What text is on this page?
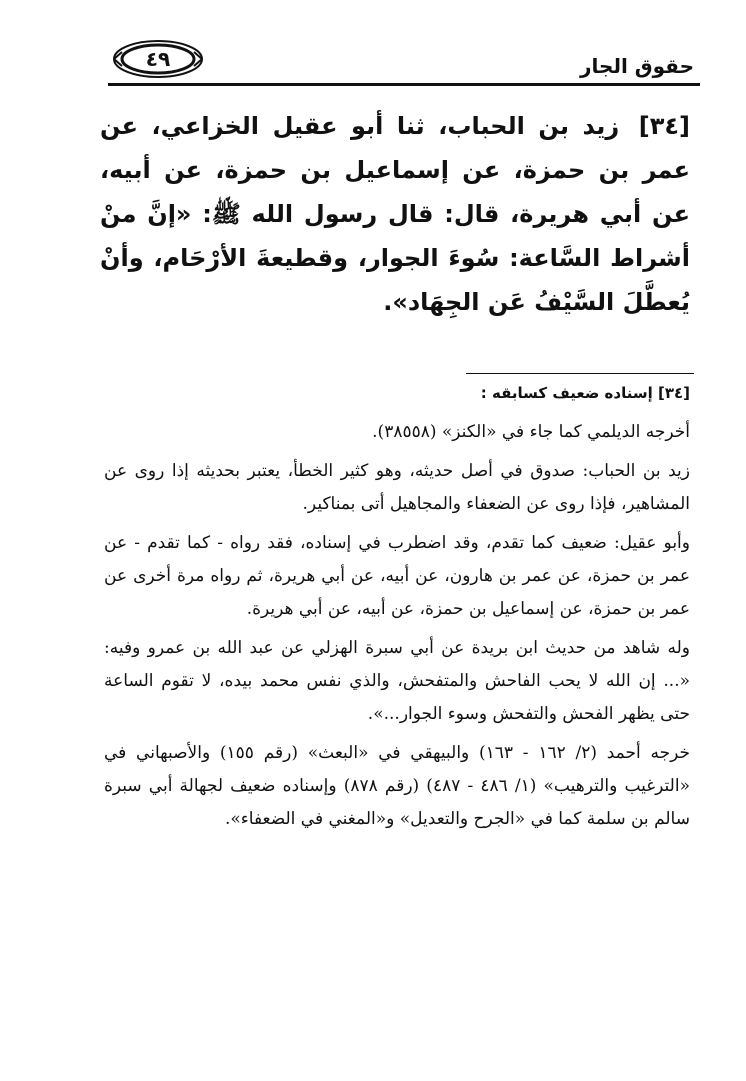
٤٩	حقوق الجار
[٣٤] زيد بن الحباب، ثنا أبو عقيل الخزاعي، عن عمر بن حمزة، عن إسماعيل بن حمزة، عن أبيه، عن أبي هريرة، قال: قال رسول الله ﷺ: «إنَّ منْ أشراط السَّاعة: سُوءَ الجوار، وقطيعةَ الأرْحَام، وأنْ يُعطَّلَ السَّيْفُ عَن الجِهَاد».
[٣٤] إسناده ضعيف كسابقه :

أخرجه الديلمي كما جاء في «الكنز» (٣٨٥٥٨).

زيد بن الحباب: صدوق في أصل حديثه، وهو كثير الخطأ، يعتبر بحديثه إذا روى عن المشاهير، فإذا روى عن الضعفاء والمجاهيل أتى بمناكير.

وأبو عقيل: ضعيف كما تقدم، وقد اضطرب في إسناده، فقد رواه - كما تقدم - عن عمر بن حمزة، عن عمر بن هارون، عن أبيه، عن أبي هريرة، ثم رواه مرة أخرى عن عمر بن حمزة، عن إسماعيل بن حمزة، عن أبيه، عن أبي هريرة.

وله شاهد من حديث ابن بريدة عن أبي سبرة الهزلي عن عبد الله بن عمرو وفيه: «... إن الله لا يحب الفاحش والمتفحش، والذي نفس محمد بيده، لا تقوم الساعة حتى يظهر الفحش والتفحش وسوء الجوار...».

خرجه أحمد (٢/ ١٦٢ - ١٦٣) والبيهقي في «البعث» (رقم ١٥٥) والأصبهاني في «الترغيب والترهيب» (١/ ٤٨٦ - ٤٨٧) (رقم ٨٧٨) وإسناده ضعيف لجهالة أبي سبرة سالم بن سلمة كما في «الجرح والتعديل» و«المغني في الضعفاء».
